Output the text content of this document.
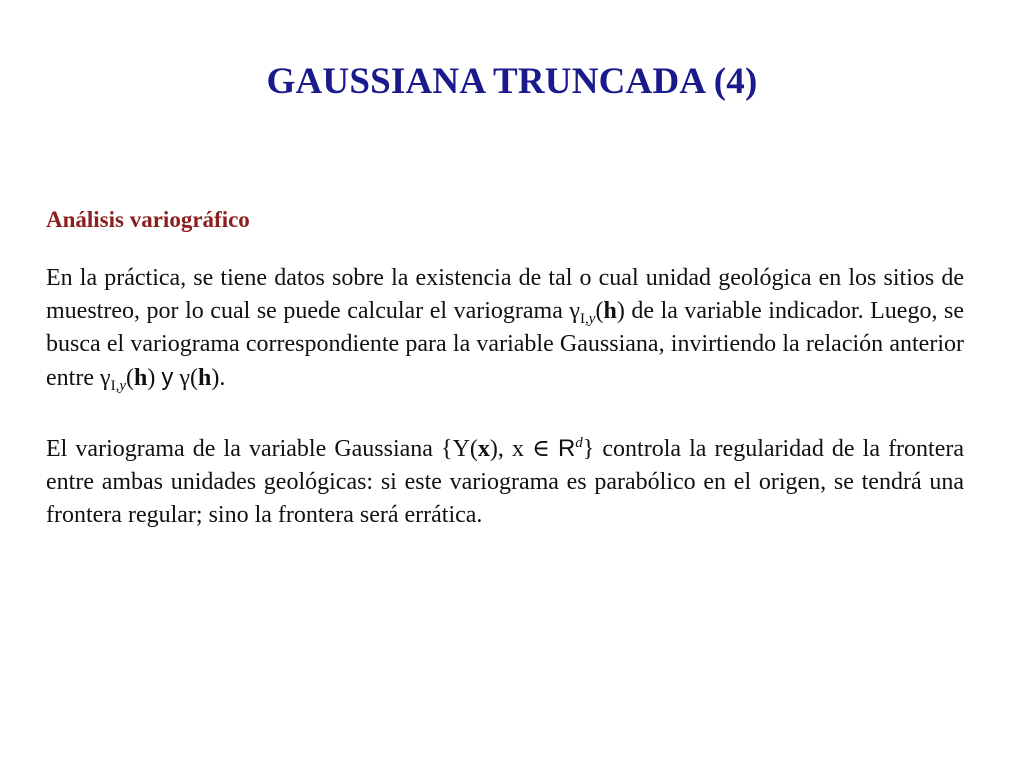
GAUSSIANA TRUNCADA (4)
Análisis variográfico
En la práctica, se tiene datos sobre la existencia de tal o cual unidad geológica en los sitios de muestreo, por lo cual se puede calcular el variograma $\gamma_{I,y}(h)$ de la variable indicador. Luego, se busca el variograma correspondiente para la variable Gaussiana, invirtiendo la relación anterior entre $\gamma_{I,y}(h)$ y γ(h).
El variograma de la variable Gaussiana {Y(x), x ∈ $R^d$} controla la regularidad de la frontera entre ambas unidades geológicas: si este variograma es parabólico en el origen, se tendrá una frontera regular; sino la frontera será errática.
